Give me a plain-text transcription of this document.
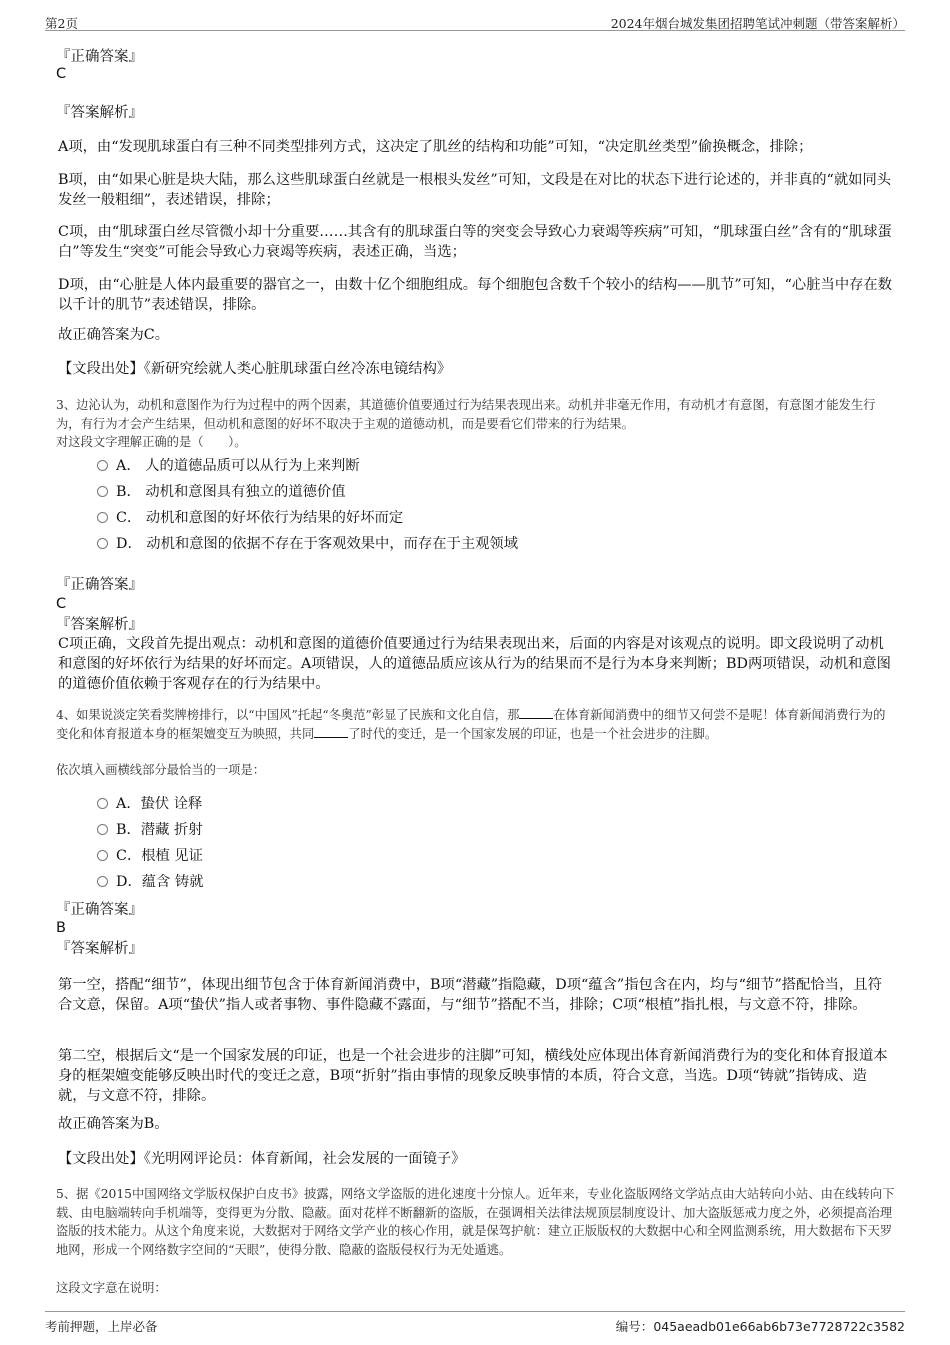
第2页	2024年烟台城发集团招聘笔试冲刺题（带答案解析）
『正确答案』
C
『答案解析』
A项，由“发现肌球蛋白有三种不同类型排列方式，这决定了肌丝的结构和功能”可知，“决定肌丝类型”偷换概念，排除；
B项，由“如果心脏是块大陆，那么这些肌球蛋白丝就是一根根头发丝”可知，文段是在对比的状态下进行论述的，并非真的“就如同头发丝一般粗细”，表述错误，排除；
C项，由“肌球蛋白丝尽管微小却十分重要……其含有的肌球蛋白等的突变会导致心力衰竭等疾病”可知，“肌球蛋白丝”含有的“肌球蛋白”等发生“突变”可能会导致心力衰竭等疾病，表述正确，当选；
D项，由“心脏是人体内最重要的器官之一，由数十亿个细胞组成。每个细胞包含数千个较小的结构——肌节”可知，“心脏当中存在数以千计的肌节”表述错误，排除。
故正确答案为C。
【文段出处】《新研究绘就人类心脏肌球蛋白丝冷冻电镜结构》
3、边沁认为，动机和意图作为行为过程中的两个因素，其道德价值要通过行为结果表现出来。动机并非毫无作用，有动机才有意图，有意图才能发生行为，有行为才会产生结果，但动机和意图的好坏不取决于主观的道德动机，而是要看它们带来的行为结果。
对这段文字理解正确的是（　　）。
A． 人的道德品质可以从行为上来判断
B． 动机和意图具有独立的道德价值
C． 动机和意图的好坏依行为结果的好坏而定
D． 动机和意图的依据不存在于客观效果中，而存在于主观领域
『正确答案』
C
『答案解析』
C项正确，文段首先提出观点：动机和意图的道德价值要通过行为结果表现出来，后面的内容是对该观点的说明。即文段说明了动机和意图的好坏依行为结果的好坏而定。A项错误，人的道德品质应该从行为的结果而不是行为本身来判断；BD两项错误，动机和意图的道德价值依赖于客观存在的行为结果中。
4、如果说淡定笑看奖牌榜排行，以“中国风”托起“冬奥范”彰显了民族和文化自信，那	在体育新闻消费中的细节又何尝不是呢！体育新闻消费行为的变化和体育报道本身的框架嬗变互为映照，共同	了时代的变迁，是一个国家发展的印证，也是一个社会进步的注脚。
依次填入画横线部分最恰当的一项是：
A．蛰伏 诠释
B．潜藏 折射
C．根植 见证
D．蕴含 铸就
『正确答案』
B
『答案解析』
第一空，搭配“细节”，体现出细节包含于体育新闻消费中，B项“潜藏”指隐藏，D项“蕴含”指包含在内，均与“细节”搭配恰当，且符合文意，保留。A项“蛰伏”指人或者事物、事件隐藏不露面，与“细节”搭配不当，排除；C项“根植”指扎根，与文意不符，排除。
第二空，根据后文“是一个国家发展的印证，也是一个社会进步的注脚”可知，横线处应体现出体育新闻消费行为的变化和体育报道本身的框架嬗变能够反映出时代的变迁之意，B项“折射”指由事情的现象反映事情的本质，符合文意，当选。D项“铸就”指铸成、造就，与文意不符，排除。
故正确答案为B。
【文段出处】《光明网评论员：体育新闻，社会发展的一面镜子》
5、据《2015中国网络文学版权保护白皮书》披露，网络文学盗版的进化速度十分惊人。近年来，专业化盗版网络文学站点由大站转向小站、由在线转向下载、由电脑端转向手机端等，变得更为分散、隐蔽。面对花样不断翻新的盗版，在强调相关法律法规顶层制度设计、加大盗版惩戒力度之外，必须提高治理盗版的技术能力。从这个角度来说，大数据对于网络文学产业的核心作用，就是保驾护航：建立正版版权的大数据中心和全网监测系统，用大数据布下天罗地网，形成一个网络数字空间的“天眼”，使得分散、隐蔽的盗版侵权行为无处遁逃。
这段文字意在说明：
考前押题，上岸必备	编号：045aeadb01e66ab6b73e7728722c3582
